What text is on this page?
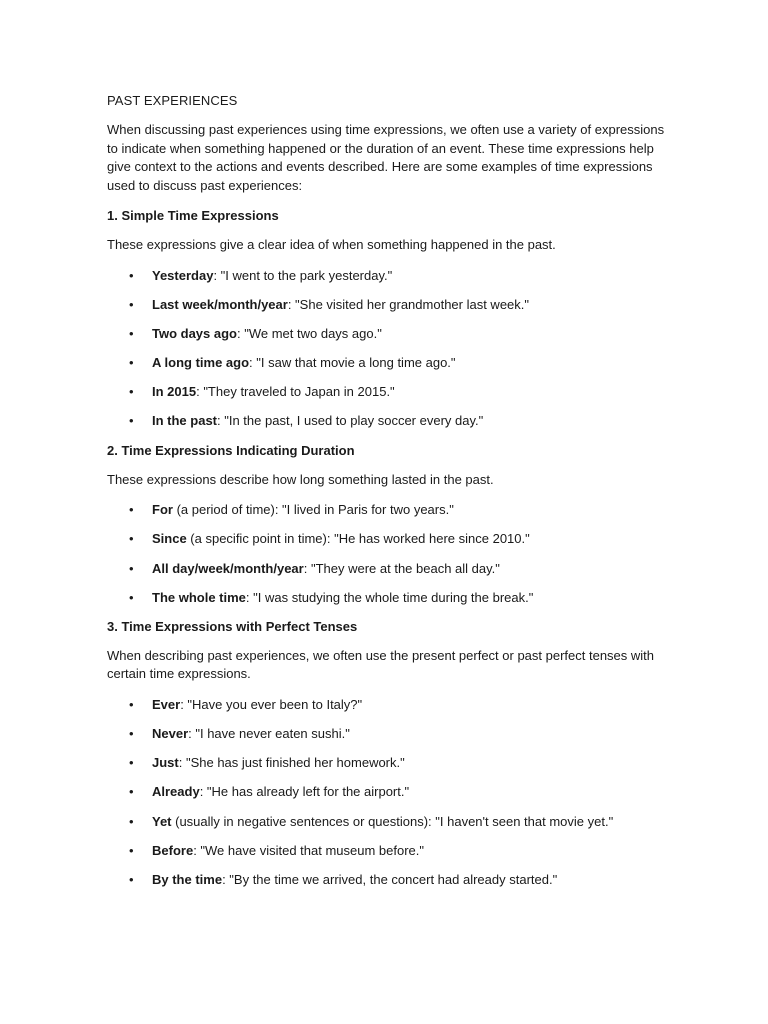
PAST EXPERIENCES

When discussing past experiences using time expressions, we often use a variety of expressions to indicate when something happened or the duration of an event. These time expressions help give context to the actions and events described. Here are some examples of time expressions used to discuss past experiences:

1. Simple Time Expressions

These expressions give a clear idea of when something happened in the past.

• Yesterday: "I went to the park yesterday."
• Last week/month/year: "She visited her grandmother last week."
• Two days ago: "We met two days ago."
• A long time ago: "I saw that movie a long time ago."
• In 2015: "They traveled to Japan in 2015."
• In the past: "In the past, I used to play soccer every day."

2. Time Expressions Indicating Duration

These expressions describe how long something lasted in the past.

• For (a period of time): "I lived in Paris for two years."
• Since (a specific point in time): "He has worked here since 2010."
• All day/week/month/year: "They were at the beach all day."
• The whole time: "I was studying the whole time during the break."

3. Time Expressions with Perfect Tenses

When describing past experiences, we often use the present perfect or past perfect tenses with certain time expressions.

• Ever: "Have you ever been to Italy?"
• Never: "I have never eaten sushi."
• Just: "She has just finished her homework."
• Already: "He has already left for the airport."
• Yet (usually in negative sentences or questions): "I haven't seen that movie yet."
• Before: "We have visited that museum before."
• By the time: "By the time we arrived, the concert had already started."
